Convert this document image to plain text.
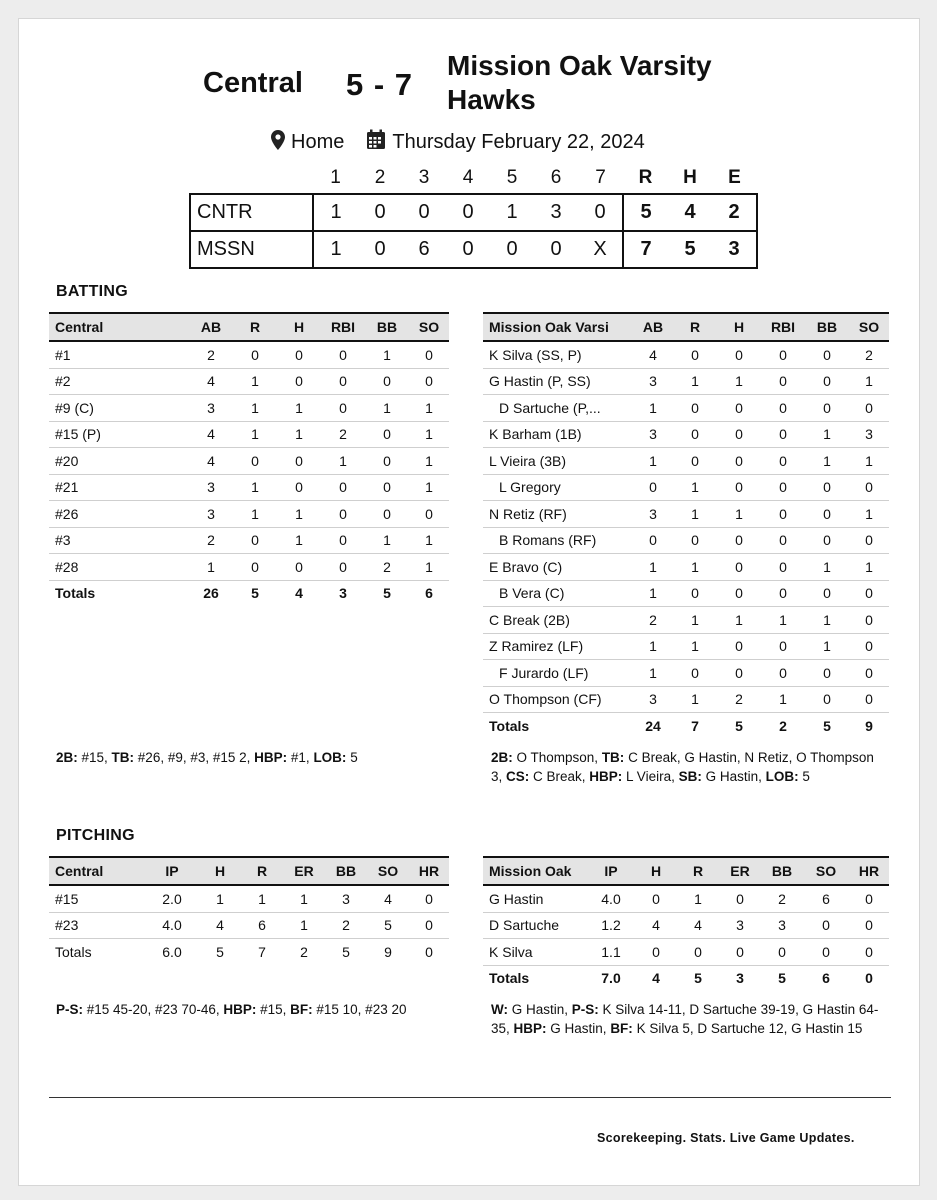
Central 5 - 7
Mission Oak Varsity Hawks
Home Thursday February 22, 2024
	1	2	3	4	5	6	7	R	H	E
CNTR	1	0	0	0	1	3	0	5	4	2
MSSN	1	0	6	0	0	0	X	7	5	3
BATTING
Central	AB	R	H	RBI	BB	SO
#1	2	0	0	0	1	0
#2	4	1	0	0	0	0
#9 (C)	3	1	1	0	1	1
#15 (P)	4	1	1	2	0	1
#20	4	0	0	1	0	1
#21	3	1	0	0	0	1
#26	3	1	1	0	0	0
#3	2	0	1	0	1	1
#28	1	0	0	0	2	1
Totals	26	5	4	3	5	6
Mission Oak Varsi	AB	R	H	RBI	BB	SO
K Silva (SS, P)	4	0	0	0	0	2
G Hastin (P, SS)	3	1	1	0	0	1
D Sartuche (P,...	1	0	0	0	0	0
K Barham (1B)	3	0	0	0	1	3
L Vieira (3B)	1	0	0	0	1	1
L Gregory	0	1	0	0	0	0
N Retiz (RF)	3	1	1	0	0	1
B Romans (RF)	0	0	0	0	0	0
E Bravo (C)	1	1	0	0	1	1
B Vera (C)	1	0	0	0	0	0
C Break (2B)	2	1	1	1	1	0
Z Ramirez (LF)	1	1	0	0	1	0
F Jurardo (LF)	1	0	0	0	0	0
O Thompson (CF)	3	1	2	1	0	0
Totals	24	7	5	2	5	9
2B: #15, TB: #26, #9, #3, #15 2, HBP: #1, LOB: 5	2B: O Thompson, TB: C Break, G Hastin, N Retiz, O Thompson 3, CS: C Break, HBP: L Vieira, SB: G Hastin, LOB: 5
PITCHING
Central	IP	H	R	ER	BB	SO	HR
#15	2.0	1	1	1	3	4	0
#23	4.0	4	6	1	2	5	0
Totals	6.0	5	7	2	5	9	0
Mission Oak	IP	H	R	ER	BB	SO	HR
G Hastin	4.0	0	1	0	2	6	0
D Sartuche	1.2	4	4	3	3	0	0
K Silva	1.1	0	0	0	0	0	0
Totals	7.0	4	5	3	5	6	0
P-S: #15 45-20, #23 70-46, HBP: #15, BF: #15 10, #23 20	W: G Hastin, P-S: K Silva 14-11, D Sartuche 39-19, G Hastin 64-35, HBP: G Hastin, BF: K Silva 5, D Sartuche 12, G Hastin 15
Scorekeeping. Stats. Live Game Updates.
